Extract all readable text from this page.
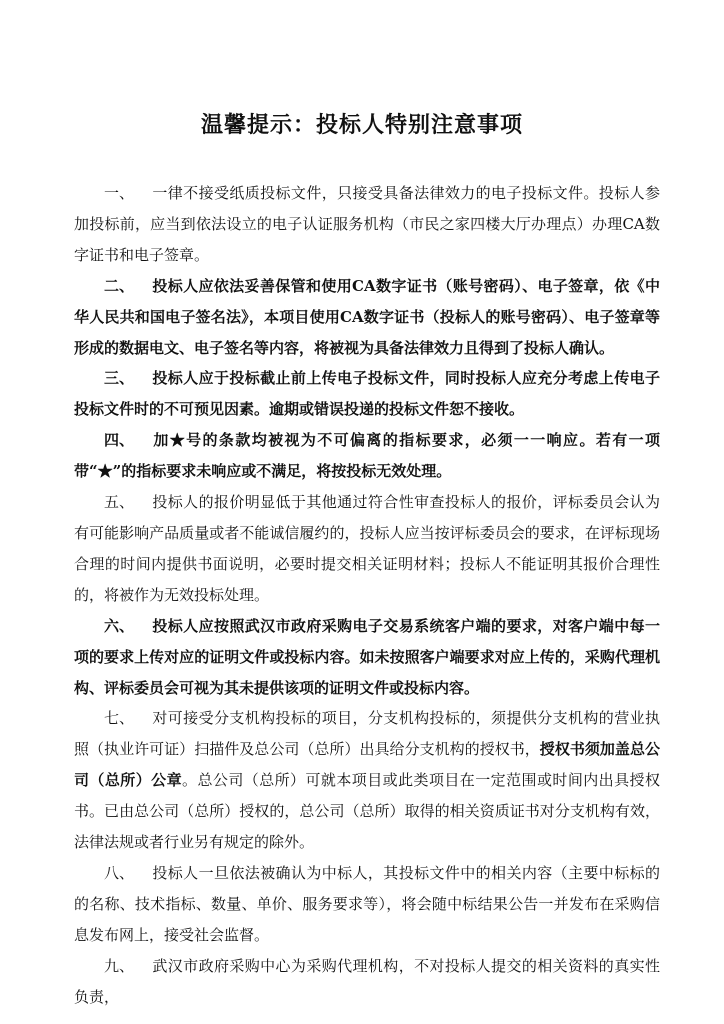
温馨提示：投标人特别注意事项

一、 一律不接受纸质投标文件，只接受具备法律效力的电子投标文件。投标人参加投标前，应当到依法设立的电子认证服务机构（市民之家四楼大厅办理点）办理CA数字证书和电子签章。

二、 投标人应依法妥善保管和使用CA数字证书（账号密码）、电子签章，依《中华人民共和国电子签名法》，本项目使用CA数字证书（投标人的账号密码）、电子签章等形成的数据电文、电子签名等内容，将被视为具备法律效力且得到了投标人确认。

三、 投标人应于投标截止前上传电子投标文件，同时投标人应充分考虑上传电子投标文件时的不可预见因素。逾期或错误投递的投标文件恕不接收。

四、 加★号的条款均被视为不可偏离的指标要求，必须一一响应。若有一项带“★”的指标要求未响应或不满足，将按投标无效处理。

五、 投标人的报价明显低于其他通过符合性审查投标人的报价，评标委员会认为有可能影响产品质量或者不能诚信履约的，投标人应当按评标委员会的要求，在评标现场合理的时间内提供书面说明，必要时提交相关证明材料；投标人不能证明其报价合理性的，将被作为无效投标处理。

六、 投标人应按照武汉市政府采购电子交易系统客户端的要求，对客户端中每一项的要求上传对应的证明文件或投标内容。如未按照客户端要求对应上传的，采购代理机构、评标委员会可视为其未提供该项的证明文件或投标内容。

七、 对可接受分支机构投标的项目，分支机构投标的，须提供分支机构的营业执照（执业许可证）扫描件及总公司（总所）出具给分支机构的授权书，授权书须加盖总公司（总所）公章。总公司（总所）可就本项目或此类项目在一定范围或时间内出具授权书。已由总公司（总所）授权的，总公司（总所）取得的相关资质证书对分支机构有效，法律法规或者行业另有规定的除外。

八、 投标人一旦依法被确认为中标人，其投标文件中的相关内容（主要中标标的的名称、技术指标、数量、单价、服务要求等），将会随中标结果公告一并发布在采购信息发布网上，接受社会监督。

九、 武汉市政府采购中心为采购代理机构，不对投标人提交的相关资料的真实性负责，
